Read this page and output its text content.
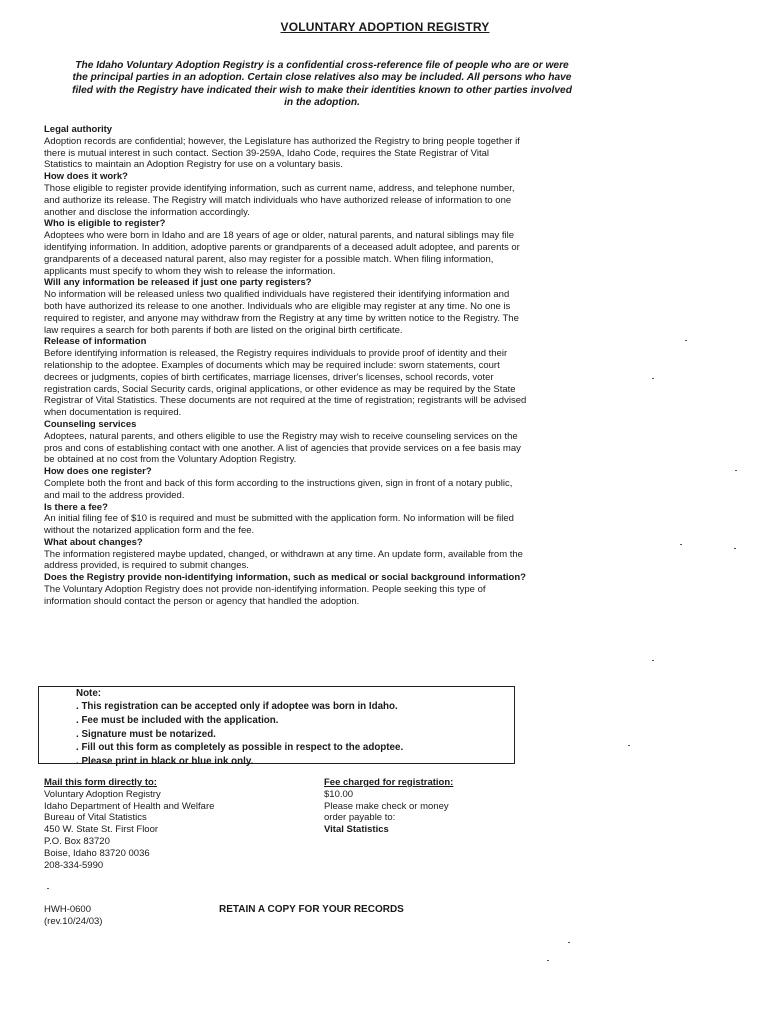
VOLUNTARY ADOPTION REGISTRY
The Idaho Voluntary Adoption Registry is a confidential cross-reference file of people who are or were the principal parties in an adoption. Certain close relatives also may be included. All persons who have filed with the Registry have indicated their wish to make their identities known to other parties involved in the adoption.
Legal authority

Adoption records are confidential; however, the Legislature has authorized the Registry to bring people together if there is mutual interest in such contact. Section 39-259A, Idaho Code, requires the State Registrar of Vital Statistics to maintain an Adoption Registry for use on a voluntary basis.

How does it work?

Those eligible to register provide identifying information, such as current name, address, and telephone number, and authorize its release. The Registry will match individuals who have authorized release of information to one another and disclose the information accordingly.

Who is eligible to register?

Adoptees who were born in Idaho and are 18 years of age or older, natural parents, and natural siblings may file identifying information. In addition, adoptive parents or grandparents of a deceased adult adoptee, and parents or grandparents of a deceased natural parent, also may register for a possible match. When filing information, applicants must specify to whom they wish to release the information.

Will any information be released if just one party registers?

No information will be released unless two qualified individuals have registered their identifying information and both have authorized its release to one another. Individuals who are eligible may register at any time. No one is required to register, and anyone may withdraw from the Registry at any time by written notice to the Registry. The law requires a search for both parents if both are listed on the original birth certificate.

Release of information

Before identifying information is released, the Registry requires individuals to provide proof of identity and their relationship to the adoptee. Examples of documents which may be required include: sworn statements, court decrees or judgments, copies of birth certificates, marriage licenses, driver's licenses, school records, voter registration cards, Social Security cards, original applications, or other evidence as may be required by the State Registrar of Vital Statistics. These documents are not required at the time of registration; registrants will be advised when documentation is required.

Counseling services

Adoptees, natural parents, and others eligible to use the Registry may wish to receive counseling services on the pros and cons of establishing contact with one another. A list of agencies that provide services on a fee basis may be obtained at no cost from the Voluntary Adoption Registry.

How does one register?

Complete both the front and back of this form according to the instructions given, sign in front of a notary public, and mail to the address provided.

Is there a fee?

An initial filing fee of $10 is required and must be submitted with the application form. No information will be filed without the notarized application form and the fee.

What about changes?

The information registered maybe updated, changed, or withdrawn at any time. An update form, available from the address provided, is required to submit changes.

Does the Registry provide non-identifying information, such as medical or social background information?

The Voluntary Adoption Registry does not provide non-identifying information. People seeking this type of information should contact the person or agency that handled the adoption.

Note:
. This registration can be accepted only if adoptee was born in Idaho.
. Fee must be included with the application.
. Signature must be notarized.
. Fill out this form as completely as possible in respect to the adoptee.
. Please print in black or blue ink only.
Mail this form directly to:
Voluntary Adoption Registry
Idaho Department of Health and Welfare
Bureau of Vital Statistics
450 W. State St. First Floor
P.O. Box 83720
Boise, Idaho 83720 0036
208-334-5990
Fee charged for registration:
$10.00
Please make check or money
order payable to:
Vital Statistics
HWH-0600
(rev.10/24/03)
RETAIN A COPY FOR YOUR RECORDS
